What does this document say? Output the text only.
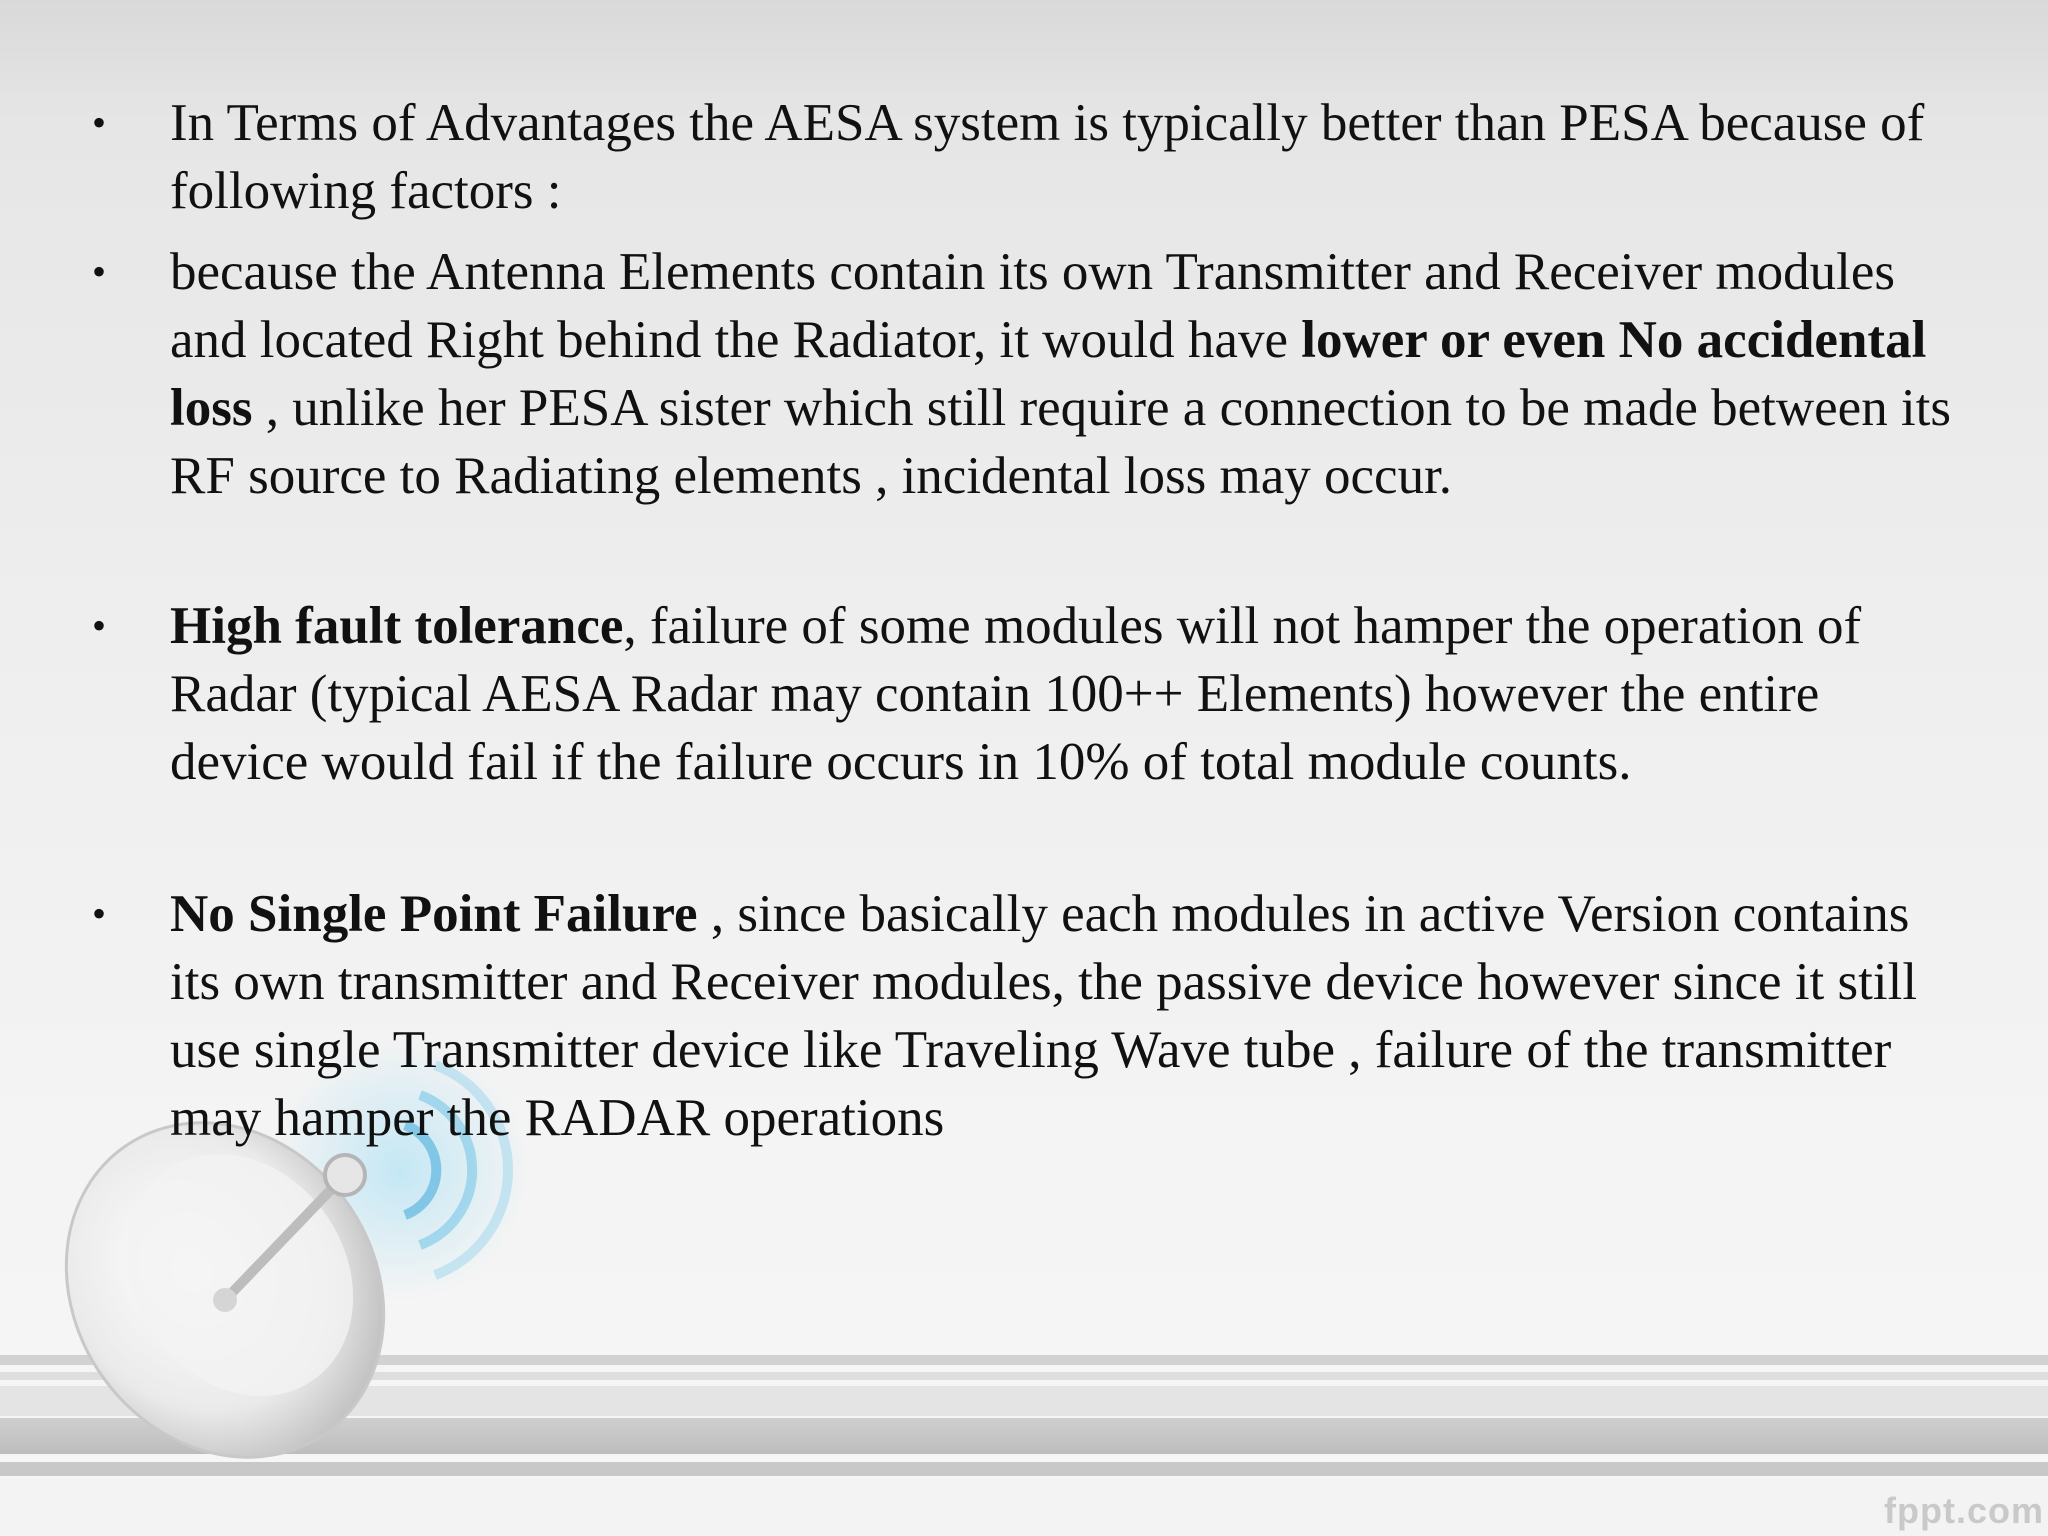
• In Terms of Advantages the AESA system is typically better than PESA because of following factors :
• because the Antenna Elements contain its own Transmitter and Receiver modules and located Right behind the Radiator, it would have lower or even No accidental loss , unlike her PESA sister which still require a connection to be made between its RF source to Radiating elements , incidental loss may occur.
• High fault tolerance, failure of some modules will not hamper the operation of Radar (typical AESA Radar may contain 100++ Elements) however the entire device would fail if the failure occurs in 10% of total module counts.
• No Single Point Failure , since basically each modules in active Version contains its own transmitter and Receiver modules, the passive device however since it still use single Transmitter device like Traveling Wave tube , failure of the transmitter may hamper the RADAR operations
fppt.com
